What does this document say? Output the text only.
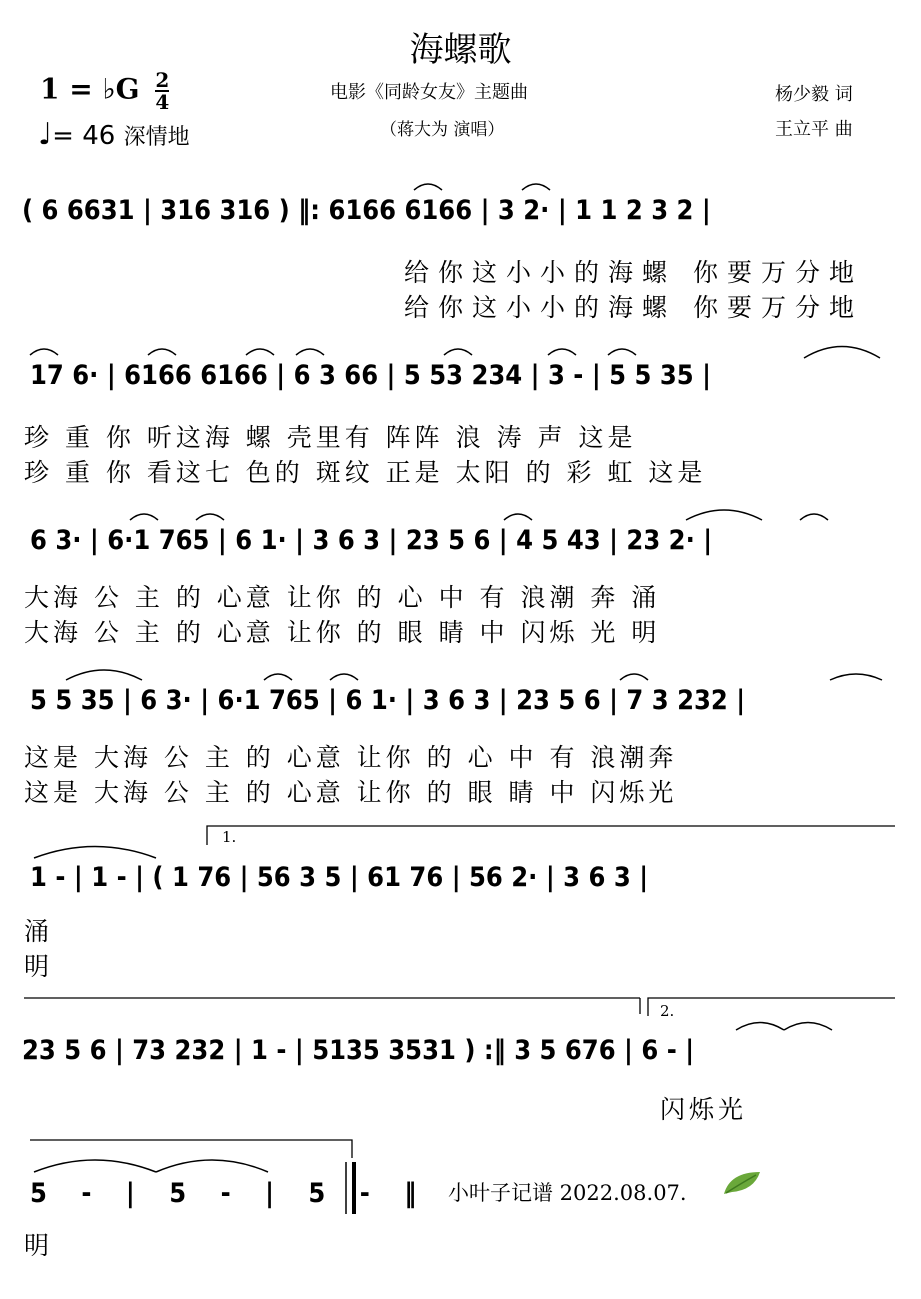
海螺歌
1 = ♭G $\frac{2}{4}$
♩= 46 深情地
电影《同龄女友》主题曲
（蒋大为 演唱）
杨少毅 词
王立平 曲
( 6 6631 | 316 316 ) ‖: 6166 6166 | 3 2· | 1 1 2 3 2 |
给你这小小的海螺 你要万分地
给你这小小的海螺 你要万分地
17 6· | 6166 6166 | 6 3 66 | 5 53 234 | 3 - | 5 5 35 |
珍 重 你 听这海 螺 壳里有 阵阵 浪 涛 声 这是
珍 重 你 看这七 色的 斑纹 正是 太阳 的 彩 虹 这是
6 3· | 6·1 765 | 6 1· | 3 6 3 | 23 5 6 | 4 5 43 | 23 2· |
大海 公 主 的 心意 让你 的 心 中 有 浪潮 奔 涌
大海 公 主 的 心意 让你 的 眼 睛 中 闪烁 光 明
5 5 35 | 6 3· | 6·1 765 | 6 1· | 3 6 3 | 23 5 6 | 7 3 232 |
这是 大海 公 主 的 心意 让你 的 心 中 有 浪潮奔
这是 大海 公 主 的 心意 让你 的 眼 睛 中 闪烁光
1.
1 - | 1 - | ( 1 76 | 56 3 5 | 61 76 | 56 2· | 3 6 3 |
涌
明
2.
23 5 6 | 73 232 | 1 - | 5135 3531 ) :‖ 3 5 676 | 6 - |
闪烁光
5 - | 5 - | 5 - ‖
明
小叶子记谱 2022.08.07.
